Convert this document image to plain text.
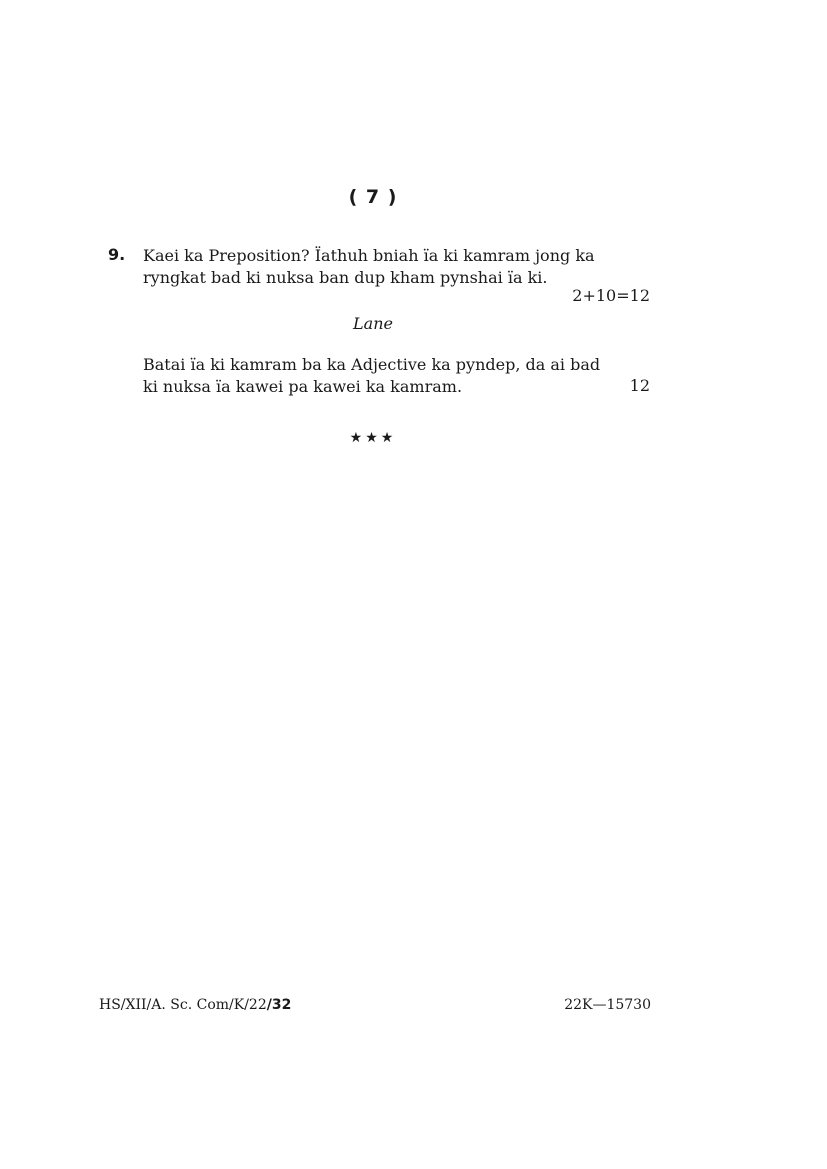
( 7 )
9. Kaei ka Preposition? Ïathuh bniah ïa ki kamram jong ka
ryngkat bad ki nuksa ban dup kham pynshai ïa ki.
2+10=12
Lane
Batai ïa ki kamram ba ka Adjective ka pyndep, da ai bad
ki nuksa ïa kawei pa kawei ka kamram.	12
★★★
HS/XII/A. Sc. Com/K/22/32	22K—15730
